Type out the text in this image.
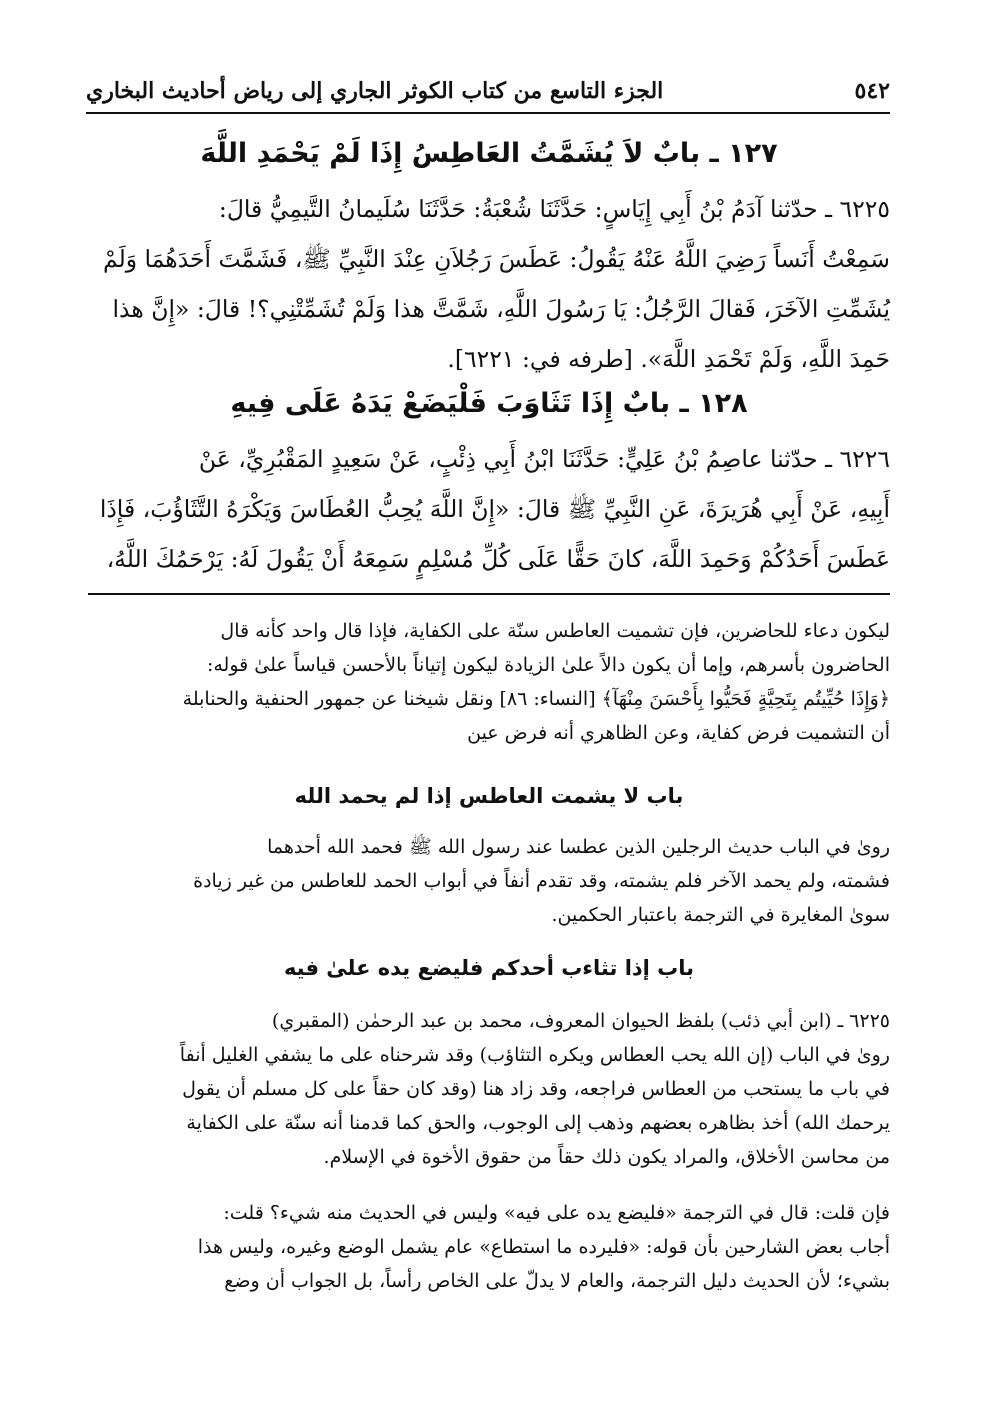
٥٤٢
الجزء التاسع من كتاب الكوثر الجاري إلى رياض أحاديث البخاري
١٢٧ ـ بابٌ لاَ يُشَمَّتُ العَاطِسُ إِذَا لَمْ يَحْمَدِ اللَّهَ
٦٢٢٥ ـ حدّثنا آدَمُ بْنُ أَبِي إِيَاسٍ: حَدَّثَنَا شُعْبَةُ: حَدَّثَنَا سُلَيمانُ التَّيمِيُّ قالَ:
سَمِعْتُ أَنَساً رَضِيَ اللَّهُ عَنْهُ يَقُولُ: عَطَسَ رَجُلاَنِ عِنْدَ النَّبِيِّ ﷺ، فَشَمَّتَ أَحَدَهُمَا وَلَمْ
يُشَمِّتِ الآخَرَ، فَقالَ الرَّجُلُ: يَا رَسُولَ اللَّهِ، شَمَّتَّ هذا وَلَمْ تُشَمِّتْنِي؟! قالَ: «إِنَّ هذا
حَمِدَ اللَّهِ، وَلَمْ تَحْمَدِ اللَّهَ». [طرفه في: ٦٢٢١].
١٢٨ ـ بابٌ إِذَا تَثَاوَبَ فَلْيَضَعْ يَدَهُ عَلَى فِيهِ
٦٢٢٦ ـ حدّثنا عاصِمُ بْنُ عَلِيٍّ: حَدَّثَنَا ابْنُ أَبِي ذِئْبٍ، عَنْ سَعِيدٍ المَقْبُرِيِّ، عَنْ
أَبِيهِ، عَنْ أَبِي هُرَيرَةَ، عَنِ النَّبِيِّ ﷺ قالَ: «إِنَّ اللَّهَ يُحِبُّ العُطَاسَ وَيَكْرَهُ التَّثَاؤُبَ، فَإِذَا
عَطَسَ أَحَدُكُمْ وَحَمِدَ اللَّهَ، كانَ حَقًّا عَلَى كُلِّ مُسْلِمٍ سَمِعَهُ أَنْ يَقُولَ لَهُ: يَرْحَمُكَ اللَّهُ،
ليكون دعاء للحاضرين، فإن تشميت العاطس سنّة على الكفاية، فإذا قال واحد كأنه قال
الحاضرون بأسرهم، وإما أن يكون دالاً علىٰ الزيادة ليكون إتياناً بالأحسن قياساً علىٰ قوله:
﴿وَإِذَا حُيِّيتُم بِتَحِيَّةٍ فَحَيُّوا بِأَحْسَنَ مِنْهَآ﴾ [النساء: ٨٦] ونقل شيخنا عن جمهور الحنفية والحنابلة
أن التشميت فرض كفاية، وعن الظاهري أنه فرض عين
باب لا يشمت العاطس إذا لم يحمد الله
روىٰ في الباب حديث الرجلين الذين عطسا عند رسول الله ﷺ فحمد الله أحدهما
فشمته، ولم يحمد الآخر فلم يشمته، وقد تقدم أنفاً في أبواب الحمد للعاطس من غير زيادة
سوىٰ المغايرة في الترجمة باعتبار الحكمين.
باب إذا تثاءب أحدكم فليضع يده علىٰ فيه
٦٢٢٥ ـ (ابن أبي ذئب) بلفظ الحيوان المعروف، محمد بن عبد الرحمٰن (المقبري)
روىٰ في الباب (إن الله يحب العطاس ويكره التثاؤب) وقد شرحناه على ما يشفي الغليل أنفاً
في باب ما يستحب من العطاس فراجعه، وقد زاد هنا (وقد كان حقاً على كل مسلم أن يقول
يرحمك الله) أخذ بظاهره بعضهم وذهب إلى الوجوب، والحق كما قدمنا أنه سنّة على الكفاية
من محاسن الأخلاق، والمراد يكون ذلك حقاً من حقوق الأخوة في الإسلام.
فإن قلت: قال في الترجمة «فليضع يده على فيه» وليس في الحديث منه شيء؟ قلت:
أجاب بعض الشارحين بأن قوله: «فليرده ما استطاع» عام يشمل الوضع وغيره، وليس هذا
بشيء؛ لأن الحديث دليل الترجمة، والعام لا يدلّ على الخاص رأساً، بل الجواب أن وضع
